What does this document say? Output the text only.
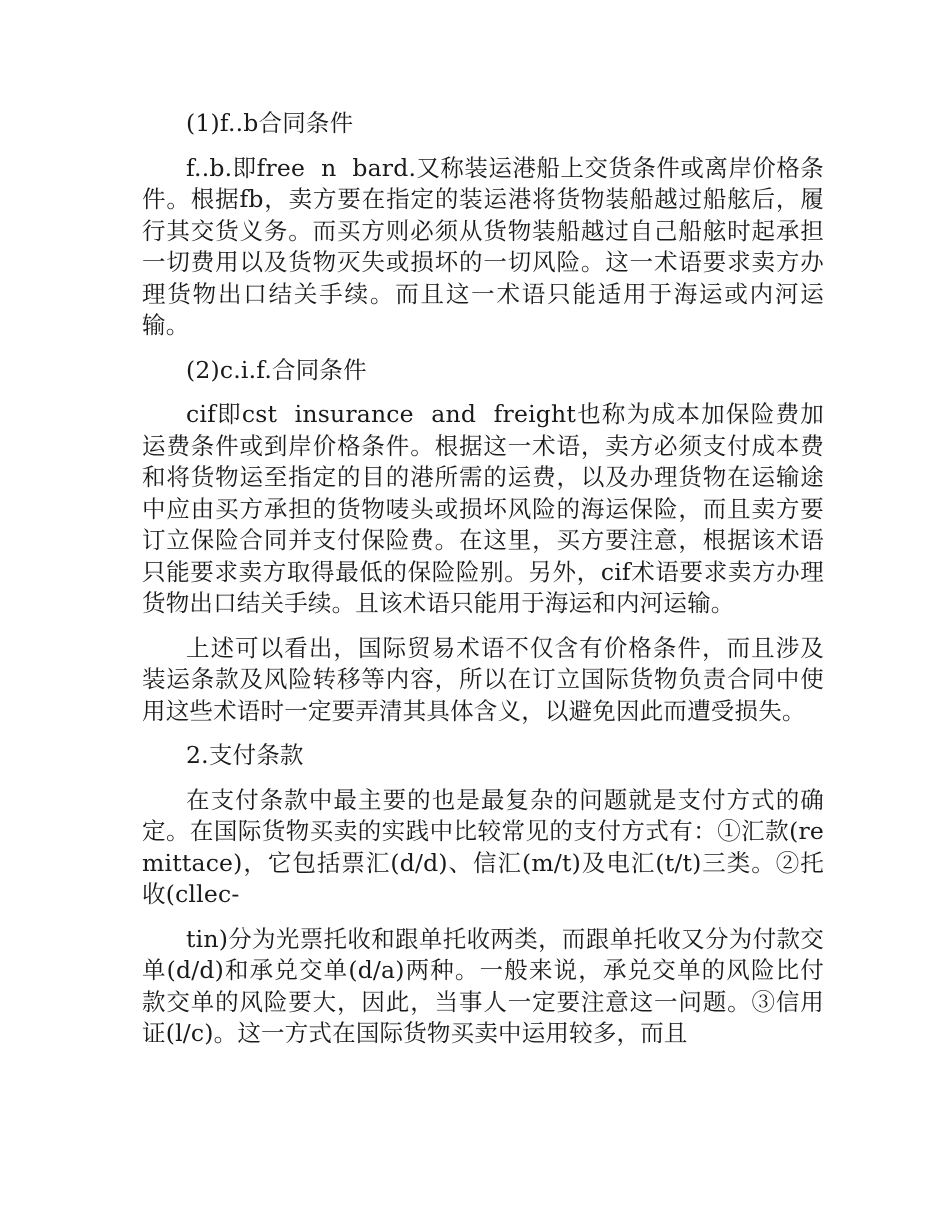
(1)f..b合同条件

f..b.即free  n  bard.又称装运港船上交货条件或离岸价格条件。根据fb，卖方要在指定的装运港将货物装船越过船舷后，履行其交货义务。而买方则必须从货物装船越过自己船舷时起承担一切费用以及货物灭失或损坏的一切风险。这一术语要求卖方办理货物出口结关手续。而且这一术语只能适用于海运或内河运输。

(2)c.i.f.合同条件

cif即cst  insurance  and  freight也称为成本加保险费加运费条件或到岸价格条件。根据这一术语，卖方必须支付成本费和将货物运至指定的目的港所需的运费，以及办理货物在运输途中应由买方承担的货物唛头或损坏风险的海运保险，而且卖方要订立保险合同并支付保险费。在这里，买方要注意，根据该术语只能要求卖方取得最低的保险险别。另外，cif术语要求卖方办理货物出口结关手续。且该术语只能用于海运和内河运输。

上述可以看出，国际贸易术语不仅含有价格条件，而且涉及装运条款及风险转移等内容，所以在订立国际货物负责合同中使用这些术语时一定要弄清其具体含义，以避免因此而遭受损失。

2.支付条款

在支付条款中最主要的也是最复杂的问题就是支付方式的确定。在国际货物买卖的实践中比较常见的支付方式有：①汇款(remittace)，它包括票汇(d/d)、信汇(m/t)及电汇(t/t)三类。②托收(cllec-

tin)分为光票托收和跟单托收两类，而跟单托收又分为付款交单(d/d)和承兑交单(d/a)两种。一般来说，承兑交单的风险比付款交单的风险要大，因此，当事人一定要注意这一问题。③信用证(l/c)。这一方式在国际货物买卖中运用较多，而且
